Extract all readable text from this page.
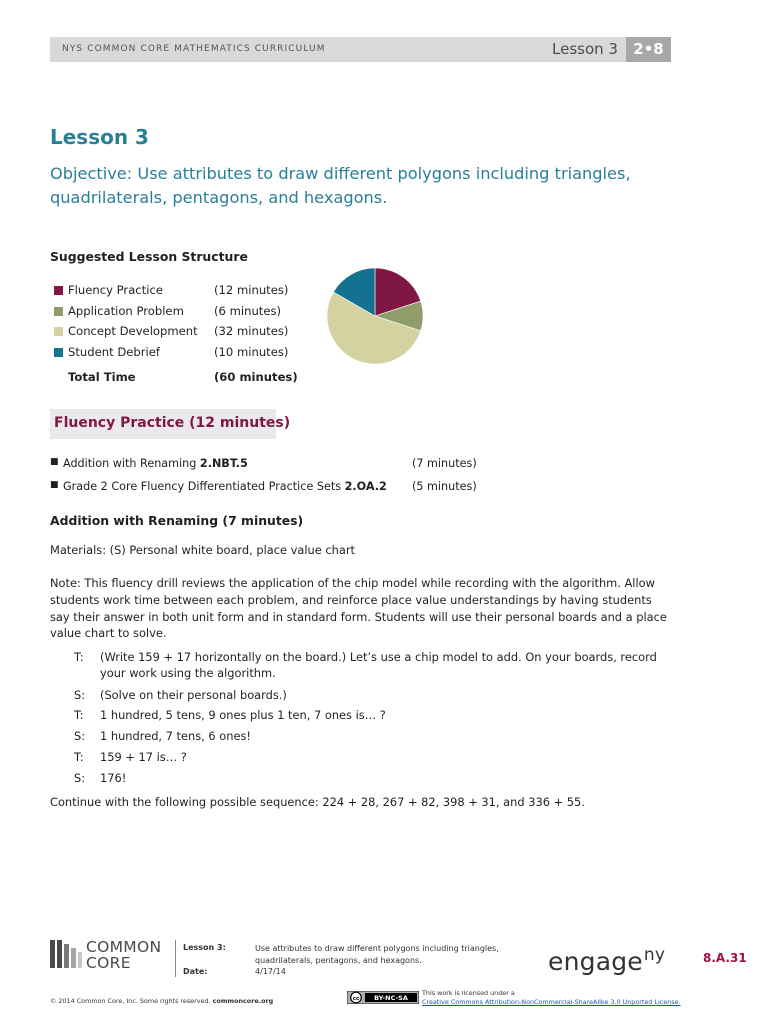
NYS COMMON CORE MATHEMATICS CURRICULUM	Lesson 3	2•8
Lesson 3
Objective: Use attributes to draw different polygons including triangles, quadrilaterals, pentagons, and hexagons.
Suggested Lesson Structure
Fluency Practice	(12 minutes)
Application Problem	(6 minutes)
Concept Development (32 minutes)
Student Debrief	(10 minutes)
Total Time	(60 minutes)
Fluency Practice (12 minutes)
■ Addition with Renaming 2.NBT.5	(7 minutes)
■ Grade 2 Core Fluency Differentiated Practice Sets 2.OA.2 (5 minutes)
Addition with Renaming (7 minutes)
Materials: (S) Personal white board, place value chart
Note: This fluency drill reviews the application of the chip model while recording with the algorithm. Allow students work time between each problem, and reinforce place value understandings by having students say their answer in both unit form and in standard form. Students will use their personal boards and a place value chart to solve.
T: (Write 159 + 17 horizontally on the board.) Let’s use a chip model to add. On your boards, record your work using the algorithm.
S: (Solve on their personal boards.)
T: 1 hundred, 5 tens, 9 ones plus 1 ten, 7 ones is… ?
S: 1 hundred, 7 tens, 6 ones!
T: 159 + 17 is… ?
S: 176!
Continue with the following possible sequence: 224 + 28, 267 + 82, 398 + 31, and 336 + 55.
COMMON
CORE
Lesson 3:
Date:
Use attributes to draw different polygons including triangles, quadrilaterals, pentagons, and hexagons.
4/17/14	engage$^{ny}$	8.A.31
© 2014 Common Core, Inc. Some rights reserved. commoncore.org	cc BY-NC-SA
This work is licensed under a
Creative Commons Attribution-NonCommercial-ShareAlike 3.0 Unported License.
